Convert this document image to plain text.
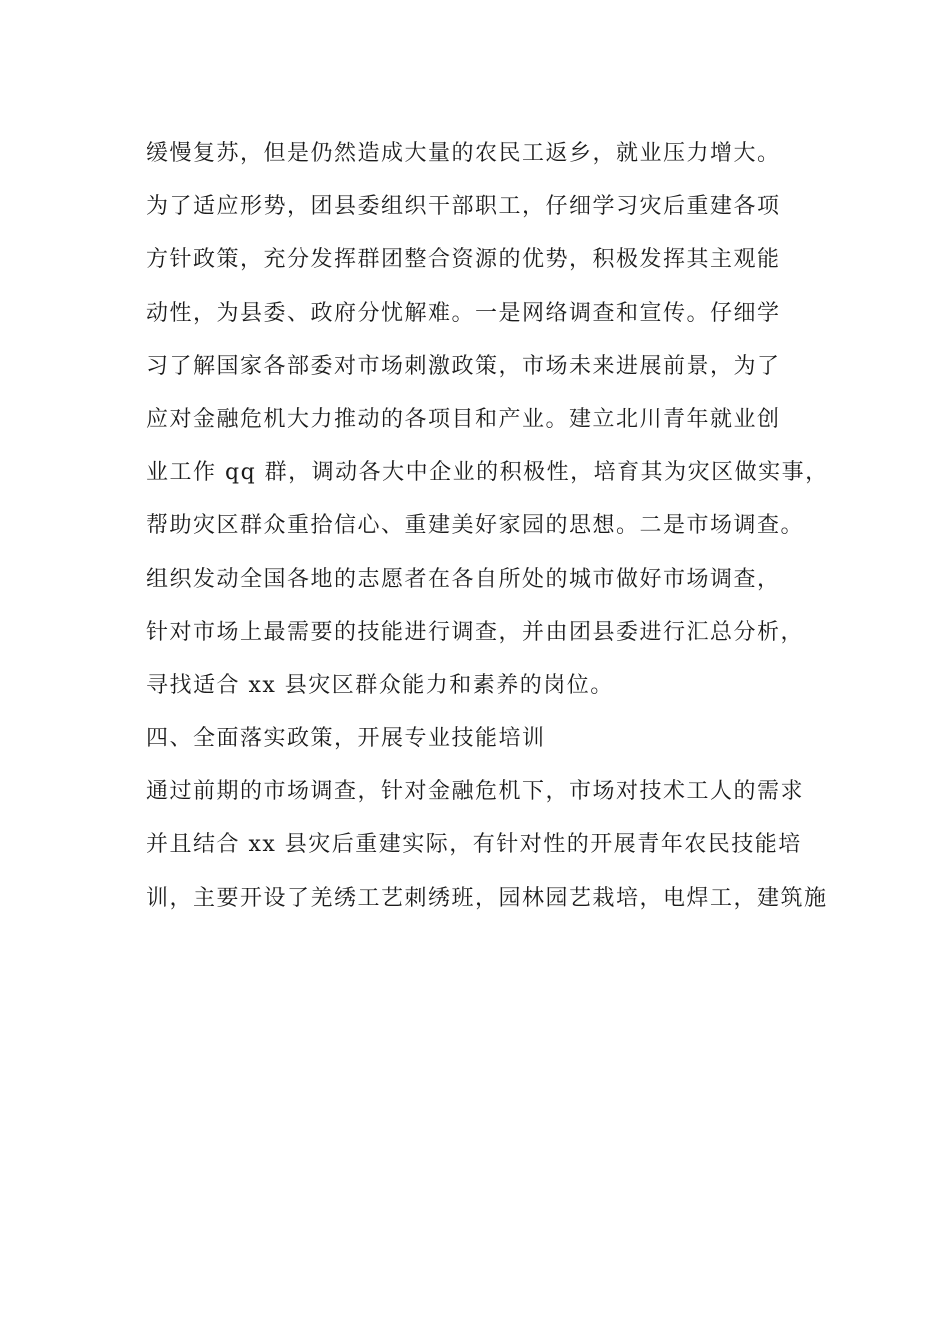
缓慢复苏，但是仍然造成大量的农民工返乡，就业压力增大。
为了适应形势，团县委组织干部职工，仔细学习灾后重建各项
方针政策，充分发挥群团整合资源的优势，积极发挥其主观能
动性，为县委、政府分忧解难。一是网络调查和宣传。仔细学
习了解国家各部委对市场刺激政策，市场未来进展前景，为了
应对金融危机大力推动的各项目和产业。建立北川青年就业创
业工作 qq 群，调动各大中企业的积极性，培育其为灾区做实事，
帮助灾区群众重拾信心、重建美好家园的思想。二是市场调查。
组织发动全国各地的志愿者在各自所处的城市做好市场调查，
针对市场上最需要的技能进行调查，并由团县委进行汇总分析，
寻找适合 xx 县灾区群众能力和素养的岗位。
四、全面落实政策，开展专业技能培训
通过前期的市场调查，针对金融危机下，市场对技术工人的需求
并且结合 xx 县灾后重建实际，有针对性的开展青年农民技能培
训，主要开设了羌绣工艺刺绣班，园林园艺栽培，电焊工，建筑施
